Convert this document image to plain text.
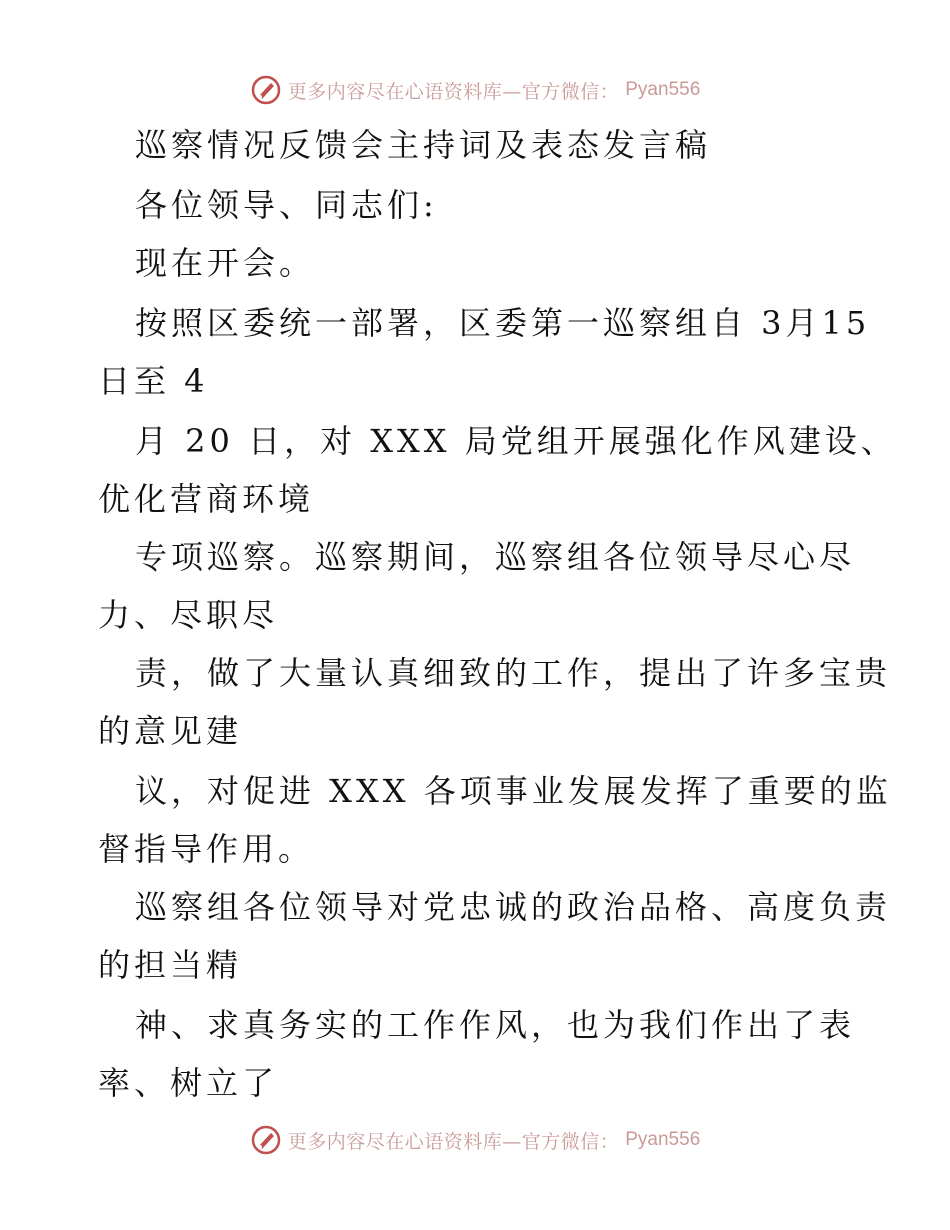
更多内容尽在心语资料库—官方微信： Pyan556
巡察情况反馈会主持词及表态发言稿
各位领导、同志们:
现在开会。
按照区委统一部署，区委第一巡察组自 3月15
日至 4
月 20 日，对 XXX 局党组开展强化作风建设、
优化营商环境
专项巡察。巡察期间，巡察组各位领导尽心尽
力、尽职尽
责，做了大量认真细致的工作，提出了许多宝贵
的意见建
议，对促进 XXX 各项事业发展发挥了重要的监
督指导作用。
巡察组各位领导对党忠诚的政治品格、高度负责
的担当精
神、求真务实的工作作风，也为我们作出了表
率、树立了
更多内容尽在心语资料库—官方微信： Pyan556
